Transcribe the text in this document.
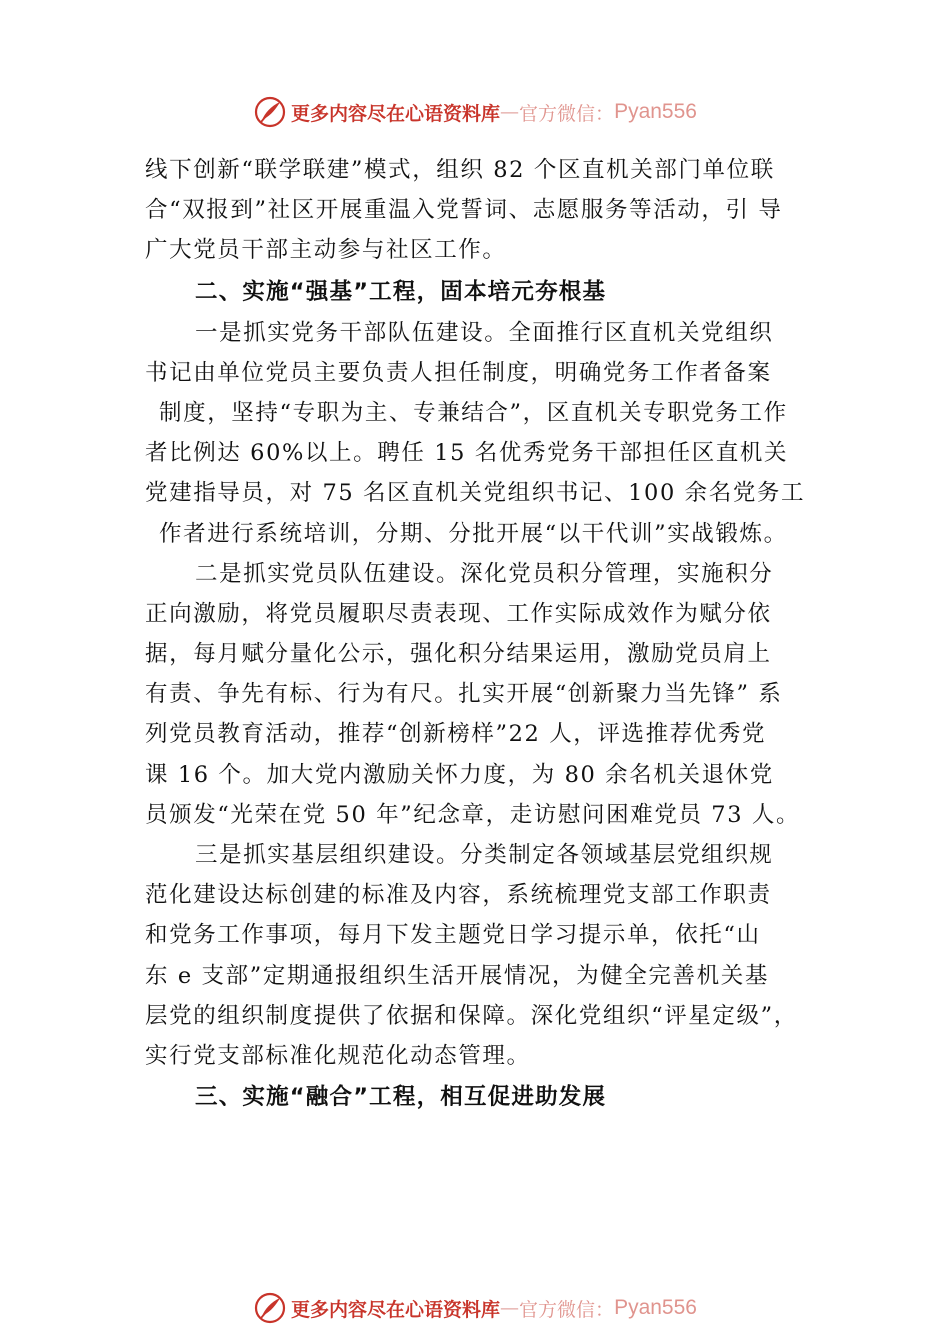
更多内容尽在心语资料库 — 官方微信： Pyan556
线下创新“联学联建”模式，组织 82 个区直机关部门单位联
合“双报到”社区开展重温入党誓词、志愿服务等活动，引 导
广大党员干部主动参与社区工作。
二、实施“强基”工程，固本培元夯根基
一是抓实党务干部队伍建设。全面推行区直机关党组织
书记由单位党员主要负责人担任制度，明确党务工作者备案
制度，坚持“专职为主、专兼结合”，区直机关专职党务工作
者比例达 60%以上。聘任 15 名优秀党务干部担任区直机关
党建指导员，对 75 名区直机关党组织书记、100 余名党务工
作者进行系统培训，分期、分批开展“以干代训”实战锻炼。
二是抓实党员队伍建设。深化党员积分管理，实施积分
正向激励，将党员履职尽责表现、工作实际成效作为赋分依
据，每月赋分量化公示，强化积分结果运用，激励党员肩上
有责、争先有标、行为有尺。扎实开展“创新聚力当先锋” 系
列党员教育活动，推荐“创新榜样”22 人，评选推荐优秀党
课 16 个。加大党内激励关怀力度，为 80 余名机关退休党
员颁发“光荣在党 50 年”纪念章，走访慰问困难党员 73 人。
三是抓实基层组织建设。分类制定各领域基层党组织规
范化建设达标创建的标准及内容，系统梳理党支部工作职责
和党务工作事项，每月下发主题党日学习提示单，依托“山
东 e 支部”定期通报组织生活开展情况，为健全完善机关基
层党的组织制度提供了依据和保障。深化党组织“评星定级”，
实行党支部标准化规范化动态管理。
三、实施“融合”工程，相互促进助发展
更多内容尽在心语资料库 — 官方微信： Pyan556
